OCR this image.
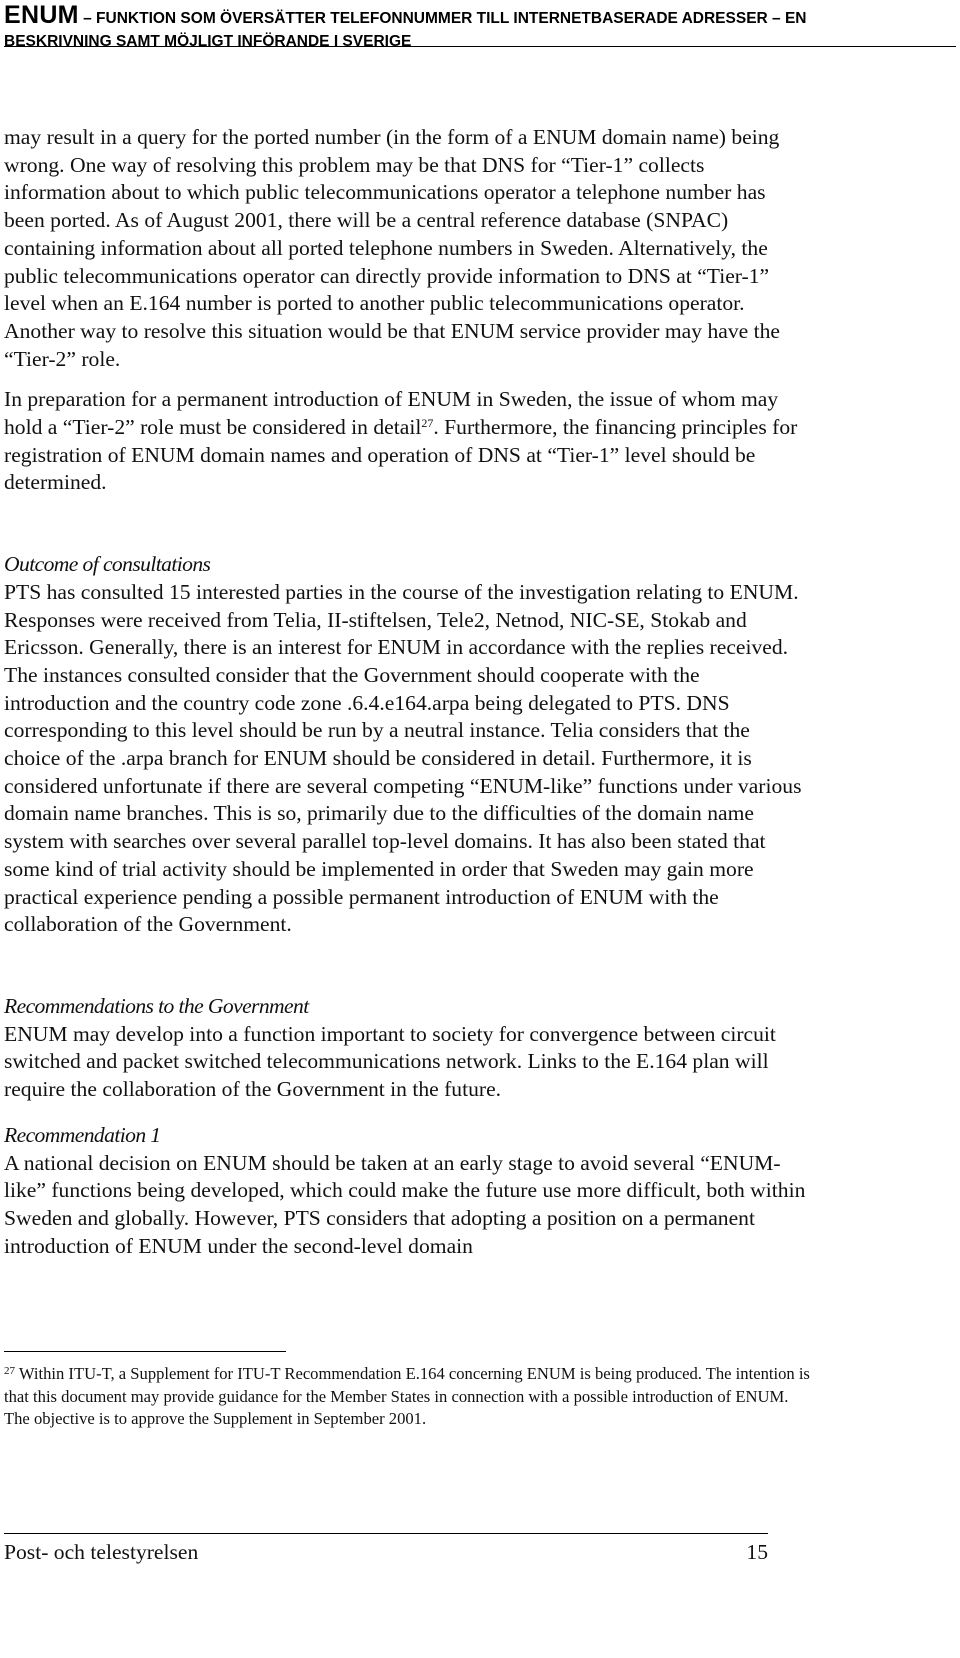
ENUM – FUNKTION SOM ÖVERSÄTTER TELEFONNUMMER TILL INTERNETBASERADE ADRESSER – EN
BESKRIVNING SAMT MÖJLIGT INFÖRANDE I SVERIGE

may result in a query for the ported number (in the form of a ENUM domain name) being wrong. One way of resolving this problem may be that DNS for “Tier-1” collects information about to which public telecommunications operator a telephone number has been ported. As of August 2001, there will be a central reference database (SNPAC) containing information about all ported telephone numbers in Sweden. Alternatively, the public telecommunications operator can directly provide information to DNS at “Tier-1” level when an E.164 number is ported to another public telecommunications operator. Another way to resolve this situation would be that ENUM service provider may have the “Tier-2” role.

In preparation for a permanent introduction of ENUM in Sweden, the issue of whom may hold a “Tier-2” role must be considered in detail$^{27}$. Furthermore, the financing principles for registration of ENUM domain names and operation of DNS at “Tier-1” level should be determined.

Outcome of consultations

PTS has consulted 15 interested parties in the course of the investigation relating to ENUM. Responses were received from Telia, II-stiftelsen, Tele2, Netnod, NIC-SE, Stokab and Ericsson. Generally, there is an interest for ENUM in accordance with the replies received. The instances consulted consider that the Government should cooperate with the introduction and the country code zone .6.4.e164.arpa being delegated to PTS. DNS corresponding to this level should be run by a neutral instance. Telia considers that the choice of the .arpa branch for ENUM should be considered in detail. Furthermore, it is considered unfortunate if there are several competing “ENUM-like” functions under various domain name branches. This is so, primarily due to the difficulties of the domain name system with searches over several parallel top-level domains. It has also been stated that some kind of trial activity should be implemented in order that Sweden may gain more practical experience pending a possible permanent introduction of ENUM with the collaboration of the Government.

Recommendations to the Government

ENUM may develop into a function important to society for convergence between circuit switched and packet switched telecommunications network. Links to the E.164 plan will require the collaboration of the Government in the future.

Recommendation 1

A national decision on ENUM should be taken at an early stage to avoid several “ENUM-like” functions being developed, which could make the future use more difficult, both within Sweden and globally. However, PTS considers that adopting a position on a permanent introduction of ENUM under the second-level domain

$^{27}$ Within ITU-T, a Supplement for ITU-T Recommendation E.164 concerning ENUM is being produced. The intention is that this document may provide guidance for the Member States in connection with a possible introduction of ENUM. The objective is to approve the Supplement in September 2001.
Post- och telestyrelsen	15
